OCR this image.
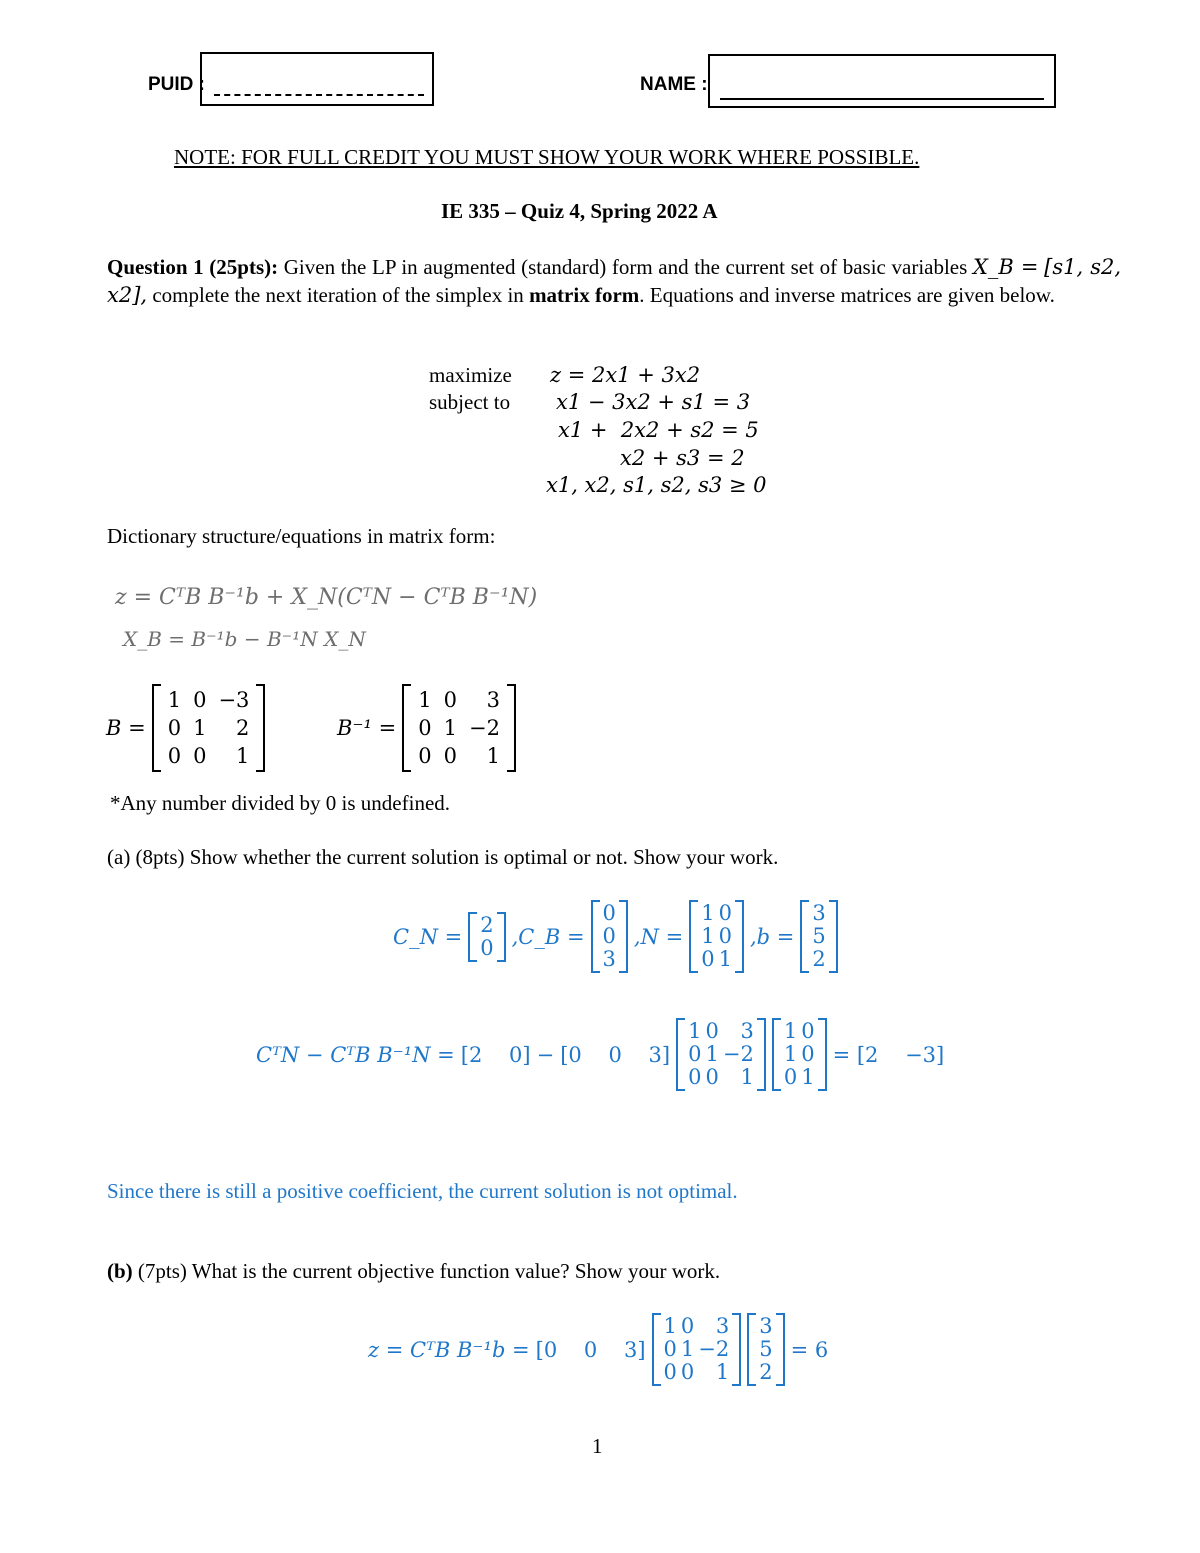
PUID :	NAME :
NOTE: FOR FULL CREDIT YOU MUST SHOW YOUR WORK WHERE POSSIBLE.
IE 335 – Quiz 4, Spring 2022 A
Question 1 (25pts): Given the LP in augmented (standard) form and the current set of basic variables X_B = [s1, s2, x2], complete the next iteration of the simplex in matrix form. Equations and inverse matrices are given below.
maximize
subject to
z = 2x1 + 3x2
x1 − 3x2 + s1 = 3
x1 +  2x2 + s2 = 5
x2 + s3 = 2
x1, x2, s1, s2, s3 ≥ 0
Dictionary structure/equations in matrix form:
z = CᵀB B⁻¹b + X_N(CᵀN − CᵀB B⁻¹N)
X_B = B⁻¹b − B⁻¹N X_N
B =
1 0 −3
0 1	2
0 0	1
B⁻¹ =
1 0	3
0 1 −2
0 0	1
*Any number divided by 0 is undefined.
(a) (8pts) Show whether the current solution is optimal or not. Show your work.
C_N = 2
0 ,C_B =
0
0
3
,N =
1 0
1 0
0 1
,b =
3
5
2
CᵀN − CᵀB B⁻¹N = [2    0] − [0    0    3]
1 0	3
0 1 −2
0 0	1
1 0
1 0
0 1
= [2    −3]
Since there is still a positive coefficient, the current solution is not optimal.
(b) (7pts) What is the current objective function value? Show your work.
z = CᵀB B⁻¹b = [0    0    3]
1 0	3
0 1 −2
0 0	1
3
5
2
= 6
1
